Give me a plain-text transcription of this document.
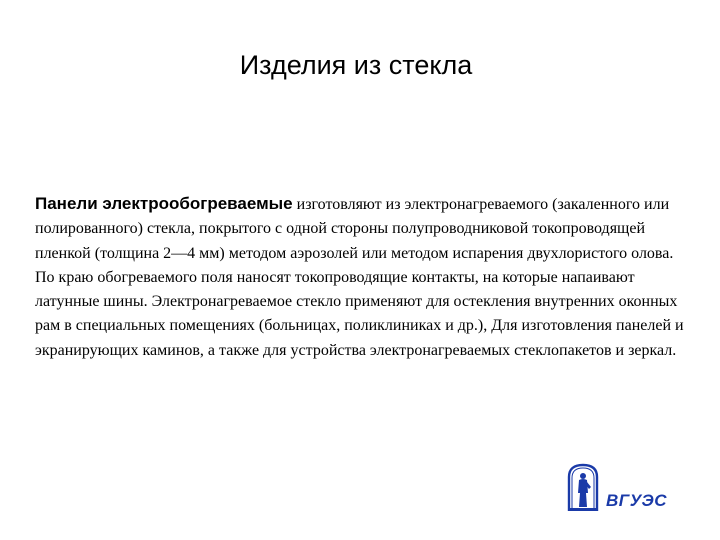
Изделия из стекла
Панели электрообогреваемые изготовляют из электронагреваемого (закаленного или полированного) стекла, покрытого с одной стороны полупроводниковой токопроводящей пленкой (толщина 2—4 мм) методом аэрозолей или методом испарения двухлористого олова. По краю обогреваемого поля наносят токопроводящие контакты, на которые напаивают латунные шины. Электронагреваемое стекло применяют для остекления внутренних оконных рам в специальных помещениях (больницах, поликлиниках и др.), Для изготовления панелей и экранирующих каминов, а также для устройства электронагреваемых стеклопакетов и зеркал.
ВГУЭС
